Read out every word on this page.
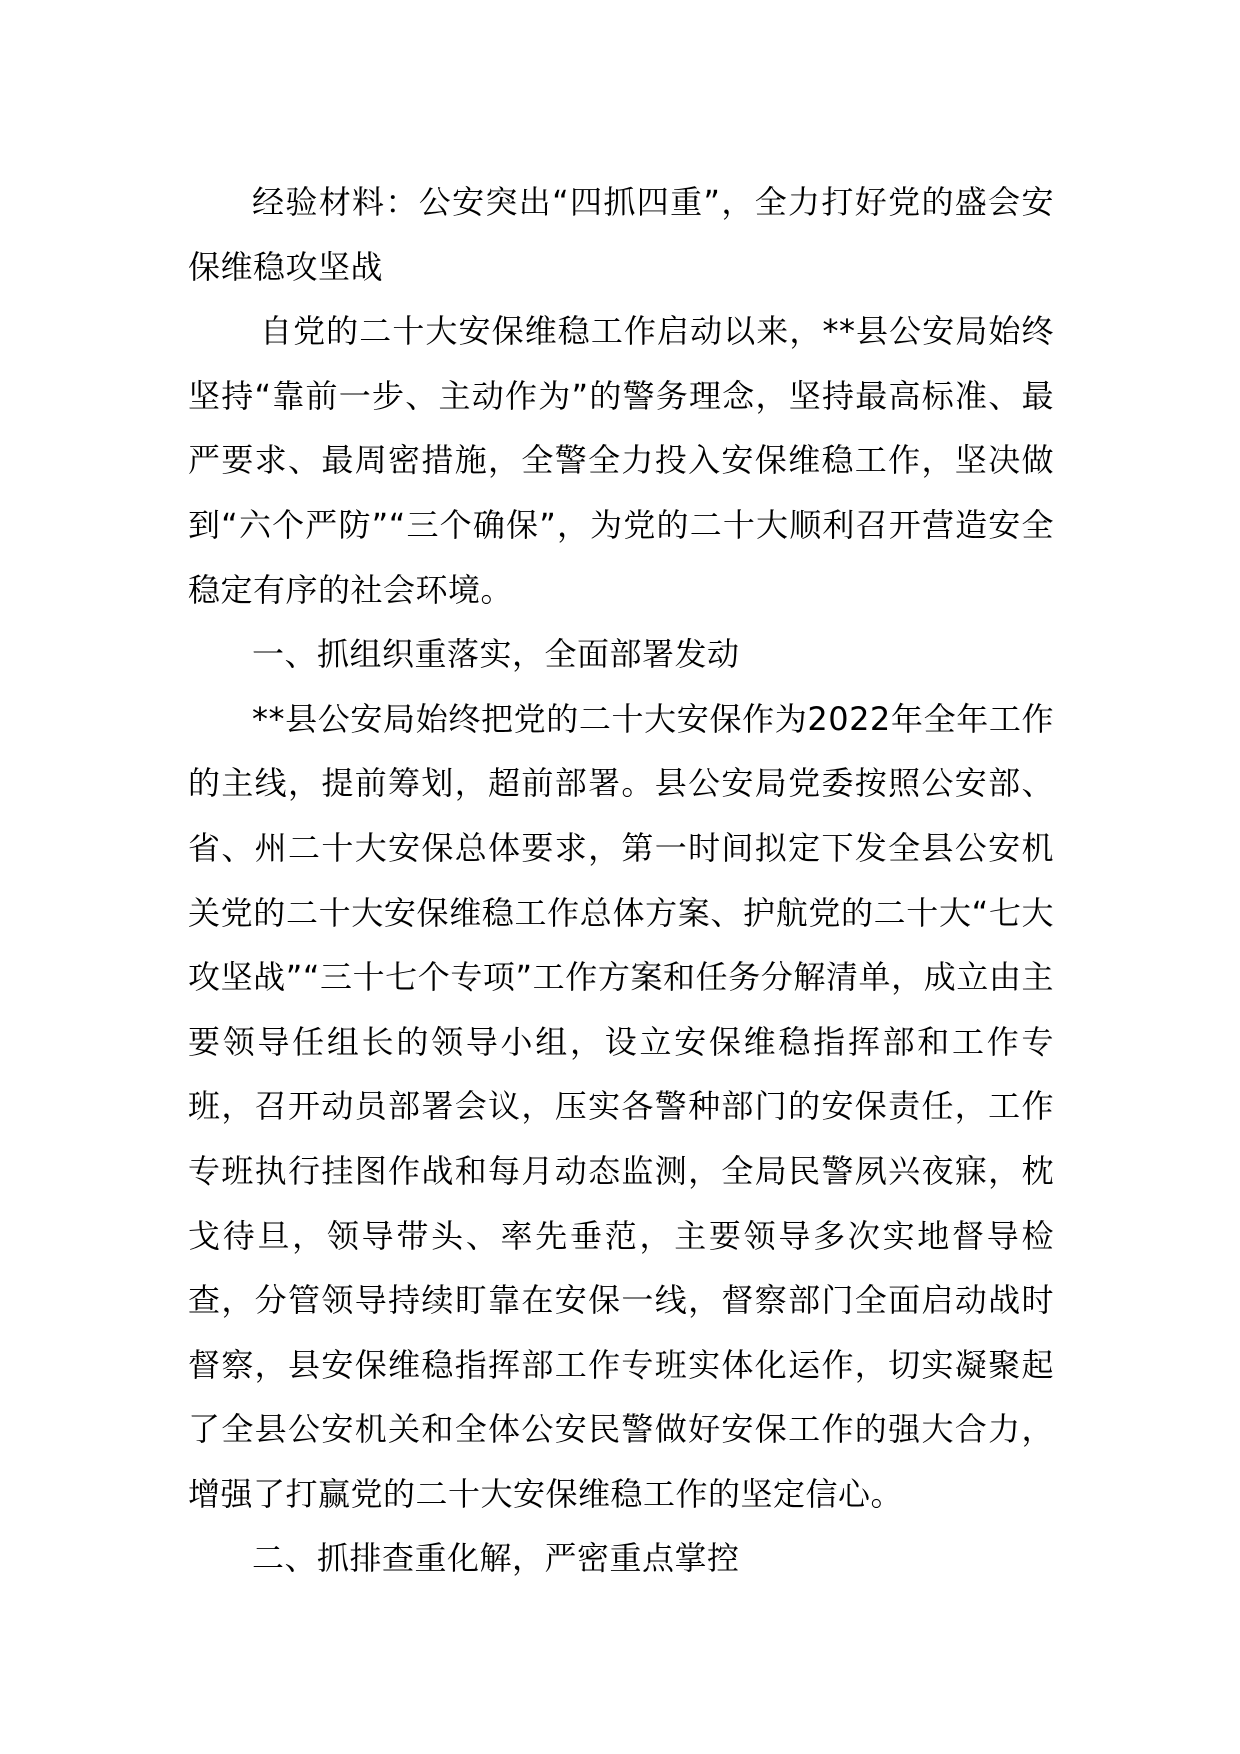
经验材料：公安突出“四抓四重”，全力打好党的盛会安保维稳攻坚战

自党的二十大安保维稳工作启动以来，**县公安局始终坚持“靠前一步、主动作为”的警务理念，坚持最高标准、最严要求、最周密措施，全警全力投入安保维稳工作，坚决做到“六个严防”“三个确保”，为党的二十大顺利召开营造安全稳定有序的社会环境。

一、抓组织重落实，全面部署发动

**县公安局始终把党的二十大安保作为2022年全年工作的主线，提前筹划，超前部署。县公安局党委按照公安部、省、州二十大安保总体要求，第一时间拟定下发全县公安机关党的二十大安保维稳工作总体方案、护航党的二十大“七大攻坚战”“三十七个专项”工作方案和任务分解清单，成立由主要领导任组长的领导小组，设立安保维稳指挥部和工作专班，召开动员部署会议，压实各警种部门的安保责任，工作专班执行挂图作战和每月动态监测，全局民警夙兴夜寐，枕戈待旦，领导带头、率先垂范，主要领导多次实地督导检查，分管领导持续盯靠在安保一线，督察部门全面启动战时督察，县安保维稳指挥部工作专班实体化运作，切实凝聚起了全县公安机关和全体公安民警做好安保工作的强大合力，增强了打赢党的二十大安保维稳工作的坚定信心。

二、抓排查重化解，严密重点掌控
